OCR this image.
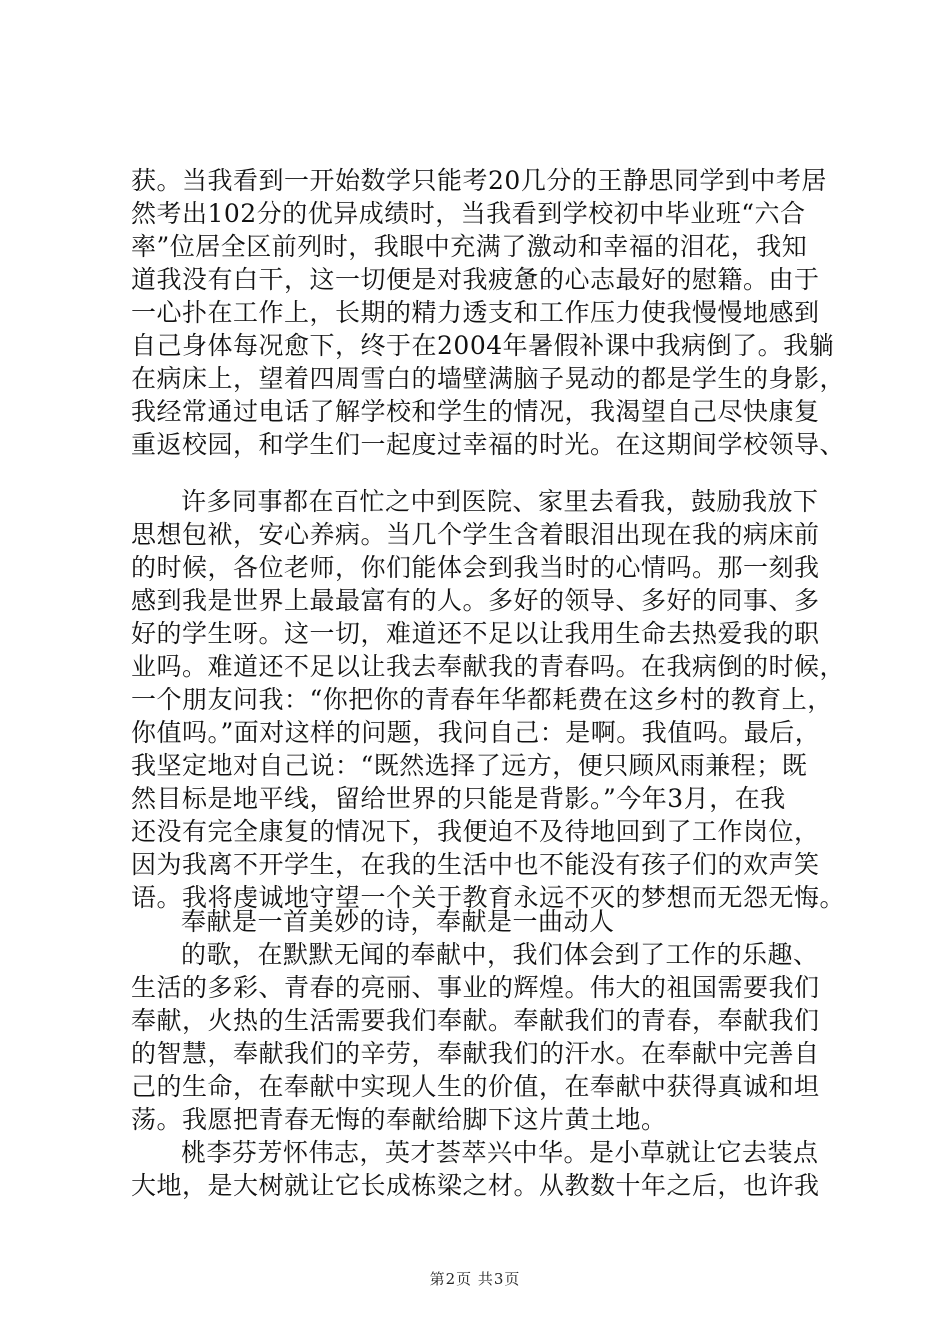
获。当我看到一开始数学只能考20几分的王静思同学到中考居
然考出102分的优异成绩时，当我看到学校初中毕业班“六合
率”位居全区前列时，我眼中充满了激动和幸福的泪花，我知
道我没有白干，这一切便是对我疲惫的心志最好的慰籍。由于
一心扑在工作上，长期的精力透支和工作压力使我慢慢地感到
自己身体每况愈下，终于在2004年暑假补课中我病倒了。我躺
在病床上，望着四周雪白的墙壁满脑子晃动的都是学生的身影，
我经常通过电话了解学校和学生的情况，我渴望自己尽快康复
重返校园，和学生们一起度过幸福的时光。在这期间学校领导、
许多同事都在百忙之中到医院、家里去看我，鼓励我放下
思想包袱，安心养病。当几个学生含着眼泪出现在我的病床前
的时候，各位老师，你们能体会到我当时的心情吗。那一刻我
感到我是世界上最最富有的人。多好的领导、多好的同事、多
好的学生呀。这一切，难道还不足以让我用生命去热爱我的职
业吗。难道还不足以让我去奉献我的青春吗。在我病倒的时候，
一个朋友问我：“你把你的青春年华都耗费在这乡村的教育上，
你值吗。”面对这样的问题，我问自己：是啊。我值吗。最后，
我坚定地对自己说：“既然选择了远方，便只顾风雨兼程；既
然目标是地平线，留给世界的只能是背影。”今年3月，在我
还没有完全康复的情况下，我便迫不及待地回到了工作岗位，
因为我离不开学生，在我的生活中也不能没有孩子们的欢声笑
语。我将虔诚地守望一个关于教育永远不灭的梦想而无怨无悔。
奉献是一首美妙的诗，奉献是一曲动人
的歌，在默默无闻的奉献中，我们体会到了工作的乐趣、
生活的多彩、青春的亮丽、事业的辉煌。伟大的祖国需要我们
奉献，火热的生活需要我们奉献。奉献我们的青春，奉献我们
的智慧，奉献我们的辛劳，奉献我们的汗水。在奉献中完善自
己的生命，在奉献中实现人生的价值，在奉献中获得真诚和坦
荡。我愿把青春无悔的奉献给脚下这片黄土地。
桃李芬芳怀伟志，英才荟萃兴中华。是小草就让它去装点
大地，是大树就让它长成栋梁之材。从教数十年之后，也许我
第2页 共3页
